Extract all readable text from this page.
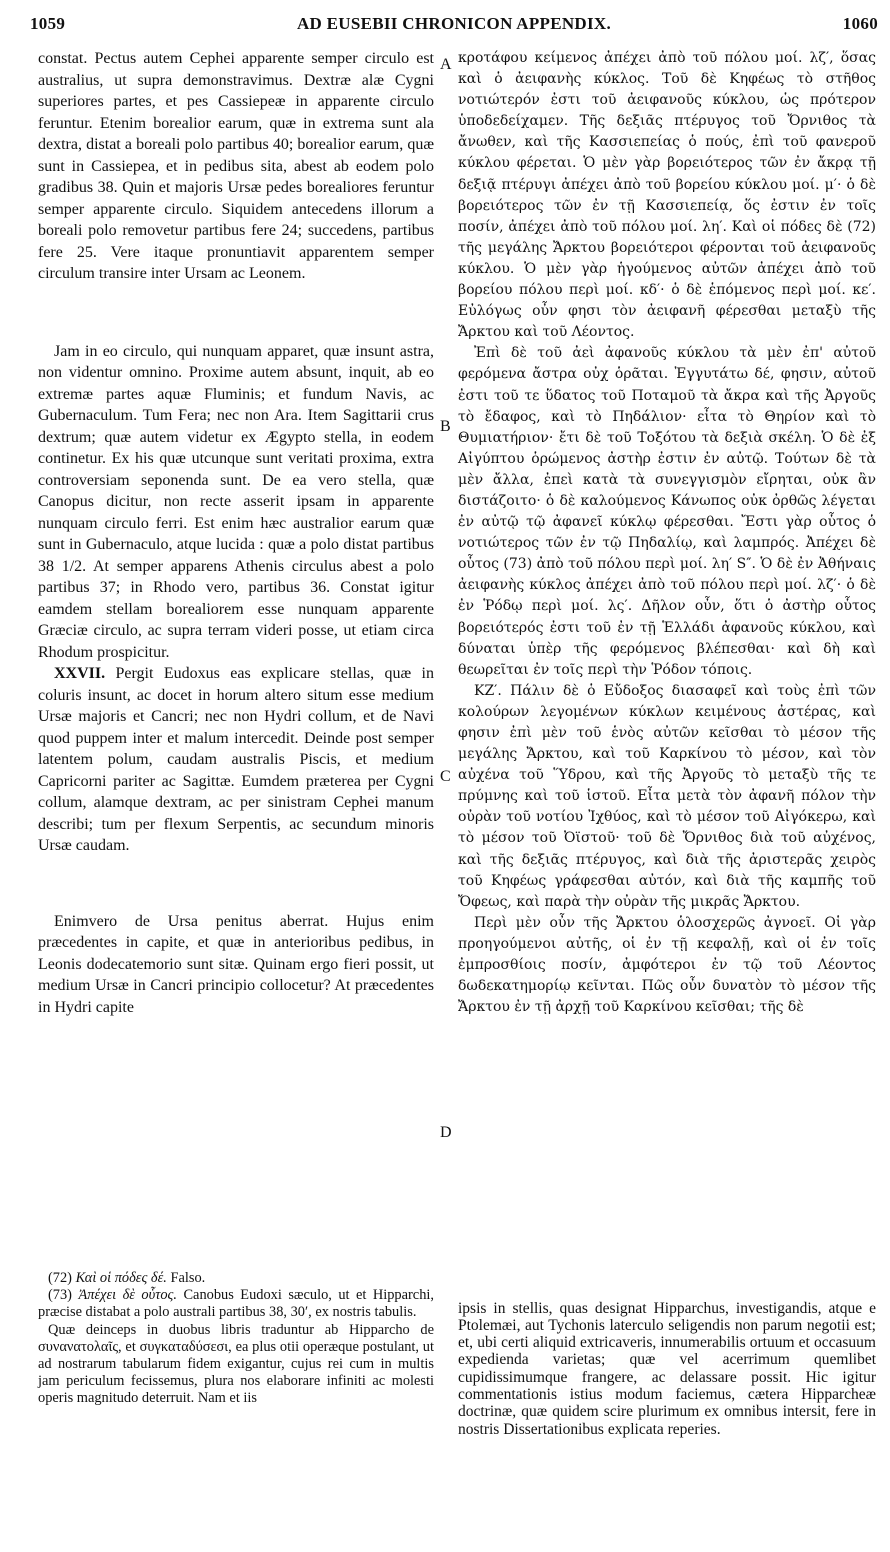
1059	AD EUSEBII CHRONICON APPENDIX.	1060
A
B
C
D

constat. Pectus autem Cephei apparente semper circulo est australius, ut supra demonstravimus. Dextræ alæ Cygni superiores partes, et pes Cassiepeæ in apparente circulo feruntur. Etenim borealior earum, quæ in extrema sunt ala dextra, distat a boreali polo partibus 40; borealior earum, quæ sunt in Cassiepea, et in pedibus sita, abest ab eodem polo gradibus 38. Quin et majoris Ursæ pedes borealiores feruntur semper apparente circulo. Siquidem antecedens illorum a boreali polo removetur partibus fere 24; succedens, partibus fere 25. Vere itaque pronuntiavit apparentem semper circulum transire inter Ursam ac Leonem.

Jam in eo circulo, qui nunquam apparet, quæ insunt astra, non videntur omnino. Proxime autem absunt, inquit, ab eo extremæ partes aquæ Fluminis; et fundum Navis, ac Gubernaculum. Tum Fera; nec non Ara. Item Sagittarii crus dextrum; quæ autem videtur ex Ægypto stella, in eodem continetur. Ex his quæ utcunque sunt veritati proxima, extra controversiam seponenda sunt. De ea vero stella, quæ Canopus dicitur, non recte asserit ipsam in apparente nunquam circulo ferri. Est enim hæc australior earum quæ sunt in Gubernaculo, atque lucida : quæ a polo distat partibus 38 1/2. At semper apparens Athenis circulus abest a polo partibus 37; in Rhodo vero, partibus 36. Constat igitur eamdem stellam borealiorem esse nunquam apparente Græciæ circulo, ac supra terram videri posse, ut etiam circa Rhodum prospicitur.

XXVII. Pergit Eudoxus eas explicare stellas, quæ in coluris insunt, ac docet in horum altero situm esse medium Ursæ majoris et Cancri; nec non Hydri collum, et de Navi quod puppem inter et malum intercedit. Deinde post semper latentem polum, caudam australis Piscis, et medium Capricorni pariter ac Sagittæ. Eumdem præterea per Cygni collum, alamque dextram, ac per sinistram Cephei manum describi; tum per flexum Serpentis, ac secundum minoris Ursæ caudam.

Enimvero de Ursa penitus aberrat. Hujus enim præcedentes in capite, et quæ in anterioribus pedibus, in Leonis dodecatemorio sunt sitæ. Quinam ergo fieri possit, ut medium Ursæ in Cancri principio collocetur? At præcedentes in Hydri capite

(72) Καὶ οἱ πόδες δέ. Falso.

(73) Ἀπέχει δὲ οὗτος. Canobus Eudoxi sæculo, ut et Hipparchi, præcise distabat a polo australi partibus 38, 30′, ex nostris tabulis.

Quæ deinceps in duobus libris traduntur ab Hipparcho de συνανατολαῖς, et συγκαταδύσεσι, ea plus otii operæque postulant, ut ad nostrarum tabularum fidem exigantur, cujus rei cum in multis jam periculum fecissemus, plura nos elaborare infiniti ac molesti operis magnitudo deterruit. Nam et iis

κροτάφου κείμενος ἀπέχει ἀπὸ τοῦ πόλου μοί. λζ′, ὅσας καὶ ὁ ἀειφανὴς κύκλος. Τοῦ δὲ Κηφέως τὸ στῆθος νοτιώτερόν ἐστι τοῦ ἀειφανοῦς κύκλου, ὡς πρότερον ὑποδεδείχαμεν. Τῆς δεξιᾶς πτέρυγος τοῦ Ὄρνιθος τὰ ἄνωθεν, καὶ τῆς Κασσιεπείας ὁ πούς, ἐπὶ τοῦ φανεροῦ κύκλου φέρεται. Ὁ μὲν γὰρ βορειότερος τῶν ἐν ἄκρᾳ τῇ δεξιᾷ πτέρυγι ἀπέχει ἀπὸ τοῦ βορείου κύκλου μοί. μ′· ὁ δὲ βορειότερος τῶν ἐν τῇ Κασσιεπείᾳ, ὅς ἐστιν ἐν τοῖς ποσίν, ἀπέχει ἀπὸ τοῦ πόλου μοί. λη′. Καὶ οἱ πόδες δὲ (72) τῆς μεγάλης Ἄρκτου βορειότεροι φέρονται τοῦ ἀειφανοῦς κύκλου. Ὁ μὲν γὰρ ἡγούμενος αὐτῶν ἀπέχει ἀπὸ τοῦ βορείου πόλου περὶ μοί. κδ′· ὁ δὲ ἑπόμενος περὶ μοί. κε′. Εὐλόγως οὖν φησι τὸν ἀειφανῆ φέρεσθαι μεταξὺ τῆς Ἄρκτου καὶ τοῦ Λέοντος.

Ἐπὶ δὲ τοῦ ἀεὶ ἀφανοῦς κύκλου τὰ μὲν ἐπ' αὐτοῦ φερόμενα ἄστρα οὐχ ὁρᾶται. Ἐγγυτάτω δέ, φησιν, αὐτοῦ ἐστι τοῦ τε ὕδατος τοῦ Ποταμοῦ τὰ ἄκρα καὶ τῆς Ἀργοῦς τὸ ἔδαφος, καὶ τὸ Πηδάλιον· εἶτα τὸ Θηρίον καὶ τὸ Θυμιατήριον· ἔτι δὲ τοῦ Τοξότου τὰ δεξιὰ σκέλη. Ὁ δὲ ἐξ Αἰγύπτου ὁρώμενος ἀστὴρ ἐστιν ἐν αὐτῷ. Τούτων δὲ τὰ μὲν ἄλλα, ἐπεὶ κατὰ τὰ συνεγγισμὸν εἴρηται, οὐκ ἂν διστάζοιτο· ὁ δὲ καλούμενος Κάνωπος οὐκ ὀρθῶς λέγεται ἐν αὐτῷ τῷ ἀφανεῖ κύκλῳ φέρεσθαι. Ἔστι γὰρ οὗτος ὁ νοτιώτερος τῶν ἐν τῷ Πηδαλίῳ, καὶ λαμπρός. Ἀπέχει δὲ οὗτος (73) ἀπὸ τοῦ πόλου περὶ μοί. λη′ S″. Ὁ δὲ ἐν Ἀθήναις ἀειφανὴς κύκλος ἀπέχει ἀπὸ τοῦ πόλου περὶ μοί. λζ′· ὁ δὲ ἐν Ῥόδῳ περὶ μοί. λς′. Δῆλον οὖν, ὅτι ὁ ἀστὴρ οὗτος βορειότερός ἐστι τοῦ ἐν τῇ Ἑλλάδι ἀφανοῦς κύκλου, καὶ δύναται ὑπὲρ τῆς φερόμενος βλέπεσθαι· καὶ δὴ καὶ θεωρεῖται ἐν τοῖς περὶ τὴν Ῥόδον τόποις.

ΚΖ′. Πάλιν δὲ ὁ Εὔδοξος διασαφεῖ καὶ τοὺς ἐπὶ τῶν κολούρων λεγομένων κύκλων κειμένους ἀστέρας, καὶ φησιν ἐπὶ μὲν τοῦ ἑνὸς αὐτῶν κεῖσθαι τὸ μέσον τῆς μεγάλης Ἄρκτου, καὶ τοῦ Καρκίνου τὸ μέσον, καὶ τὸν αὐχένα τοῦ Ὕδρου, καὶ τῆς Ἀργοῦς τὸ μεταξὺ τῆς τε πρύμνης καὶ τοῦ ἱστοῦ. Εἶτα μετὰ τὸν ἀφανῆ πόλον τὴν οὐρὰν τοῦ νοτίου Ἰχθύος, καὶ τὸ μέσον τοῦ Αἰγόκερω, καὶ τὸ μέσον τοῦ Ὀϊστοῦ· τοῦ δὲ Ὄρνιθος διὰ τοῦ αὐχένος, καὶ τῆς δεξιᾶς πτέρυγος, καὶ διὰ τῆς ἀριστερᾶς χειρὸς τοῦ Κηφέως γράφεσθαι αὐτόν, καὶ διὰ τῆς καμπῆς τοῦ Ὄφεως, καὶ παρὰ τὴν οὐρὰν τῆς μικρᾶς Ἄρκτου.

Περὶ μὲν οὖν τῆς Ἄρκτου ὁλοσχερῶς ἀγνοεῖ. Οἱ γὰρ προηγούμενοι αὐτῆς, οἱ ἐν τῇ κεφαλῇ, καὶ οἱ ἐν τοῖς ἐμπροσθίοις ποσίν, ἀμφότεροι ἐν τῷ τοῦ Λέοντος δωδεκατημορίῳ κεῖνται. Πῶς οὖν δυνατὸν τὸ μέσον τῆς Ἄρκτου ἐν τῇ ἀρχῇ τοῦ Καρκίνου κεῖσθαι; τῆς δὲ

ipsis in stellis, quas designat Hipparchus, investigandis, atque e Ptolemæi, aut Tychonis laterculo seligendis non parum negotii est; et, ubi certi aliquid extricaveris, innumerabilis ortuum et occasuum expedienda varietas; quæ vel acerrimum quemlibet cupidissimumque frangere, ac delassare possit. Hic igitur commentationis istius modum faciemus, cætera Hipparcheæ doctrinæ, quæ quidem scire plurimum ex omnibus intersit, fere in nostris Dissertationibus explicata reperies.
